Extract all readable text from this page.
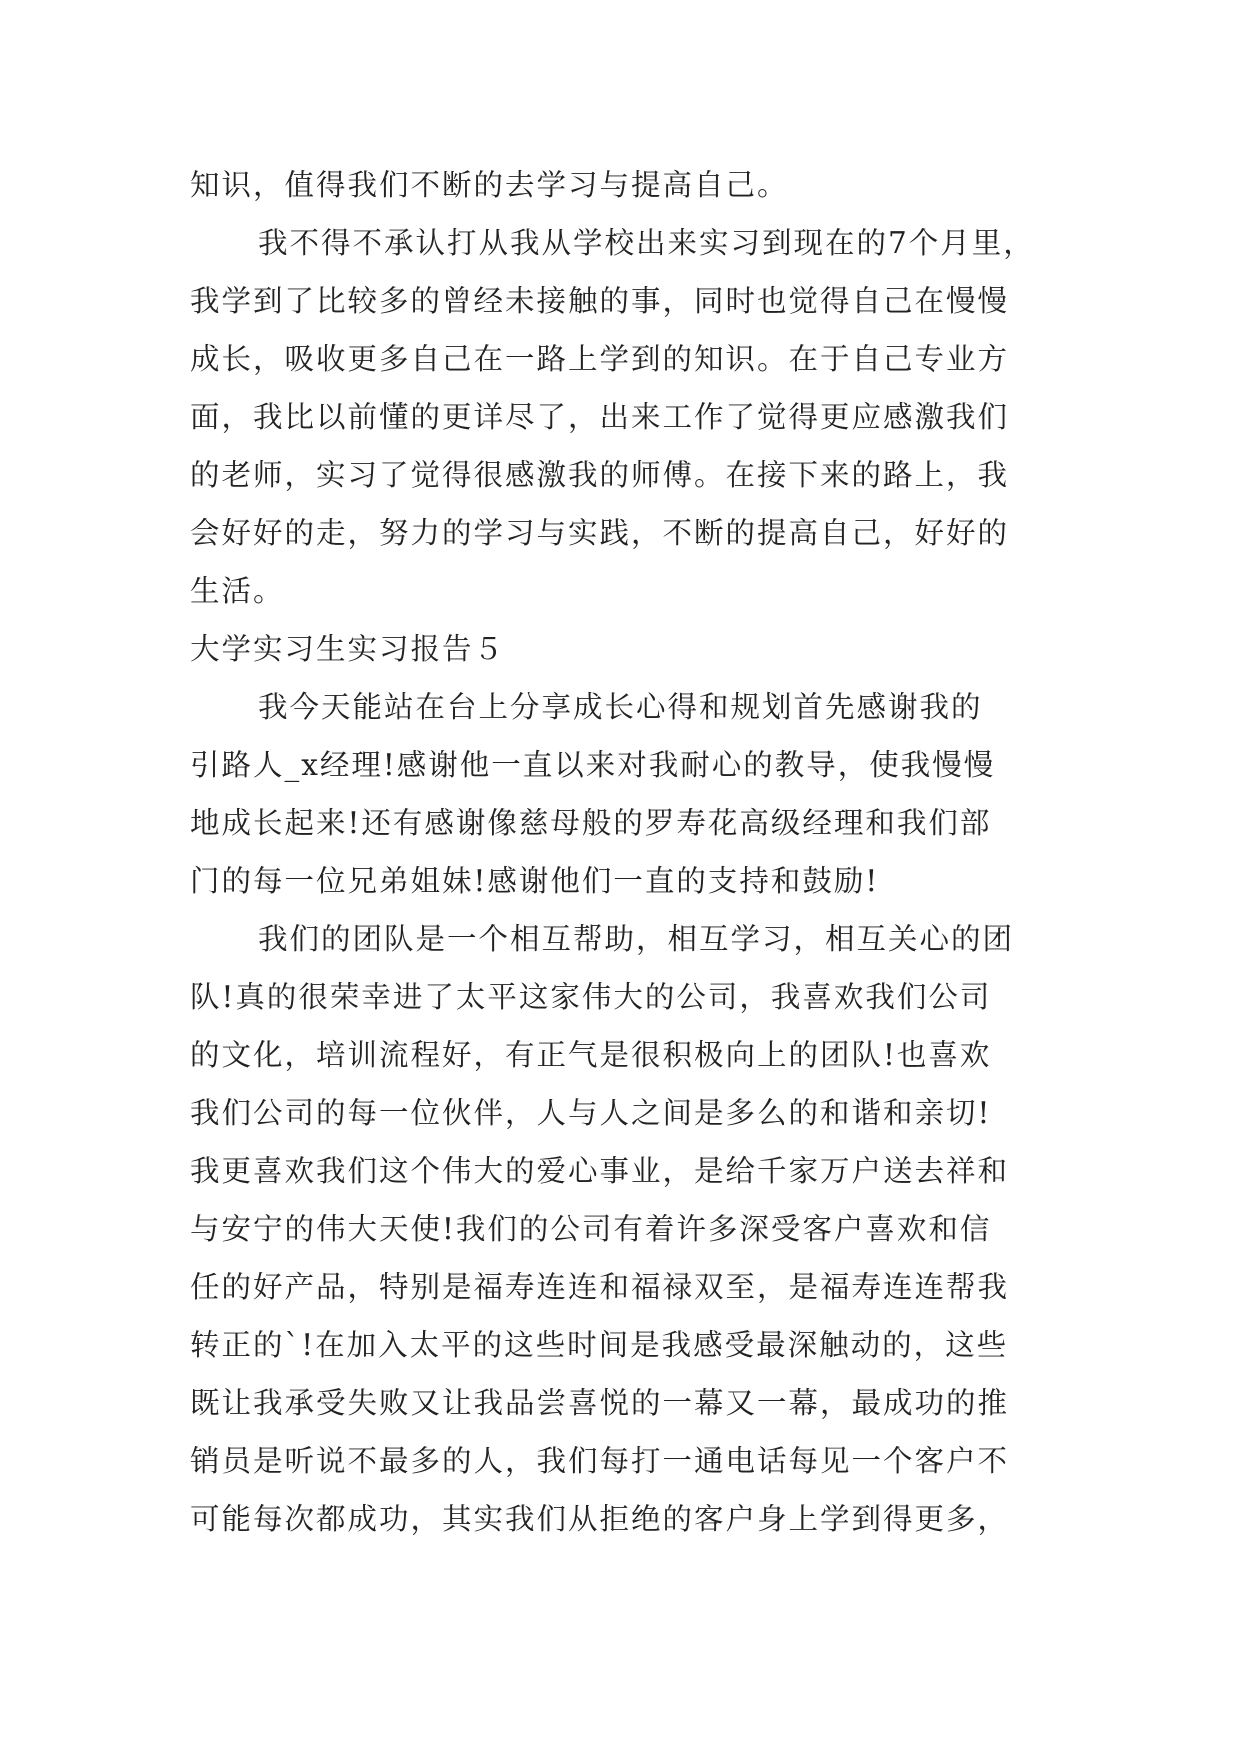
知识，值得我们不断的去学习与提高自己。
我不得不承认打从我从学校出来实习到现在的7个月里，
我学到了比较多的曾经未接触的事，同时也觉得自己在慢慢
成长，吸收更多自己在一路上学到的知识。在于自己专业方
面，我比以前懂的更详尽了，出来工作了觉得更应感激我们
的老师，实习了觉得很感激我的师傅。在接下来的路上，我
会好好的走，努力的学习与实践，不断的提高自己，好好的
生活。
大学实习生实习报告５
我今天能站在台上分享成长心得和规划首先感谢我的
引路人_x经理!感谢他一直以来对我耐心的教导，使我慢慢
地成长起来!还有感谢像慈母般的罗寿花高级经理和我们部
门的每一位兄弟姐妹!感谢他们一直的支持和鼓励!
我们的团队是一个相互帮助，相互学习，相互关心的团
队!真的很荣幸进了太平这家伟大的公司，我喜欢我们公司
的文化，培训流程好，有正气是很积极向上的团队!也喜欢
我们公司的每一位伙伴，人与人之间是多么的和谐和亲切!
我更喜欢我们这个伟大的爱心事业，是给千家万户送去祥和
与安宁的伟大天使!我们的公司有着许多深受客户喜欢和信
任的好产品，特别是福寿连连和福禄双至，是福寿连连帮我
转正的`!在加入太平的这些时间是我感受最深触动的，这些
既让我承受失败又让我品尝喜悦的一幕又一幕，最成功的推
销员是听说不最多的人，我们每打一通电话每见一个客户不
可能每次都成功，其实我们从拒绝的客户身上学到得更多，
